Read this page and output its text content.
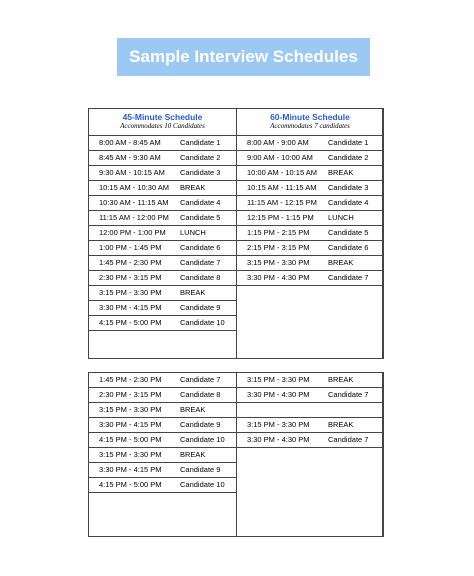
Sample Interview Schedules
45-Minute Schedule
Accommodates 10 Candidates
8:00 AM - 8:45 AM	Candidate 1
8:45 AM - 9:30 AM	Candidate 2
9:30 AM - 10:15 AM Candidate 3
10:15 AM - 10:30 AM BREAK
10:30 AM - 11:15 AM Candidate 4
11:15 AM - 12:00 PM Candidate 5
12:00 PM - 1:00 PM LUNCH
1:00 PM - 1:45 PM Candidate 6
1:45 PM - 2:30 PM Candidate 7
2:30 PM - 3:15 PM Candidate 8
3:15 PM - 3:30 PM BREAK
3:30 PM - 4:15 PM Candidate 9
4:15 PM - 5:00 PM Candidate 10
60-Minute Schedule
Accommodates 7 candidates
8:00 AM - 9:00 AM	Candidate 1
9:00 AM - 10:00 AM Candidate 2
10:00 AM - 10:15 AM BREAK
10:15 AM - 11:15 AM Candidate 3
11:15 AM - 12:15 PM Candidate 4
12:15 PM - 1:15 PM LUNCH
1:15 PM - 2:15 PM Candidate 5
2:15 PM - 3:15 PM Candidate 6
3:15 PM - 3:30 PM BREAK
3:30 PM - 4:30 PM Candidate 7
1:45 PM - 2:30 PM Candidate 7
2:30 PM - 3:15 PM Candidate 8
3:15 PM - 3:30 PM BREAK
3:30 PM - 4:15 PM Candidate 9
4:15 PM - 5:00 PM Candidate 10
3:15 PM - 3:30 PM BREAK
3:30 PM - 4:15 PM Candidate 9
4:15 PM - 5:00 PM Candidate 10
3:15 PM - 3:30 PM BREAK
3:30 PM - 4:30 PM Candidate 7
3:15 PM - 3:30 PM BREAK
3:30 PM - 4:30 PM Candidate 7
